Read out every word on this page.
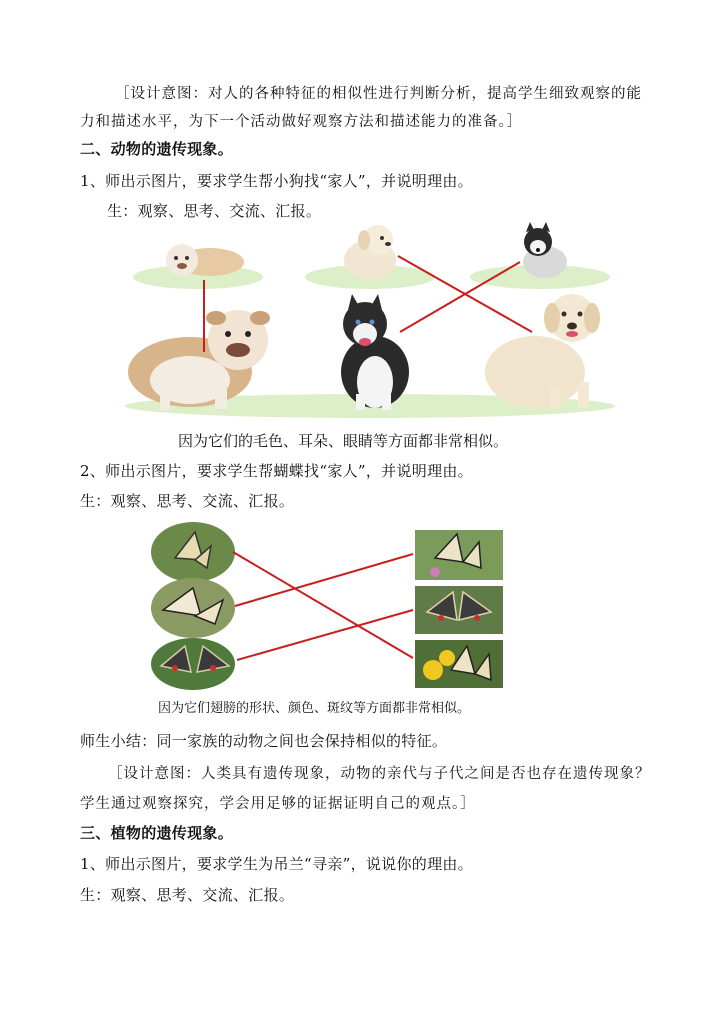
［设计意图：对人的各种特征的相似性进行判断分析，提高学生细致观察的能
力和描述水平，为下一个活动做好观察方法和描述能力的准备。］
二、动物的遗传现象。
1、师出示图片，要求学生帮小狗找“家人”，并说明理由。
生：观察、思考、交流、汇报。
因为它们的毛色、耳朵、眼睛等方面都非常相似。
2、师出示图片，要求学生帮蝴蝶找“家人”，并说明理由。
生：观察、思考、交流、汇报。
因为它们翅膀的形状、颜色、斑纹等方面都非常相似。
师生小结：同一家族的动物之间也会保持相似的特征。
［设计意图：人类具有遗传现象，动物的亲代与子代之间是否也存在遗传现象？
学生通过观察探究，学会用足够的证据证明自己的观点。］
三、植物的遗传现象。
1、师出示图片，要求学生为吊兰“寻亲”，说说你的理由。
生：观察、思考、交流、汇报。
